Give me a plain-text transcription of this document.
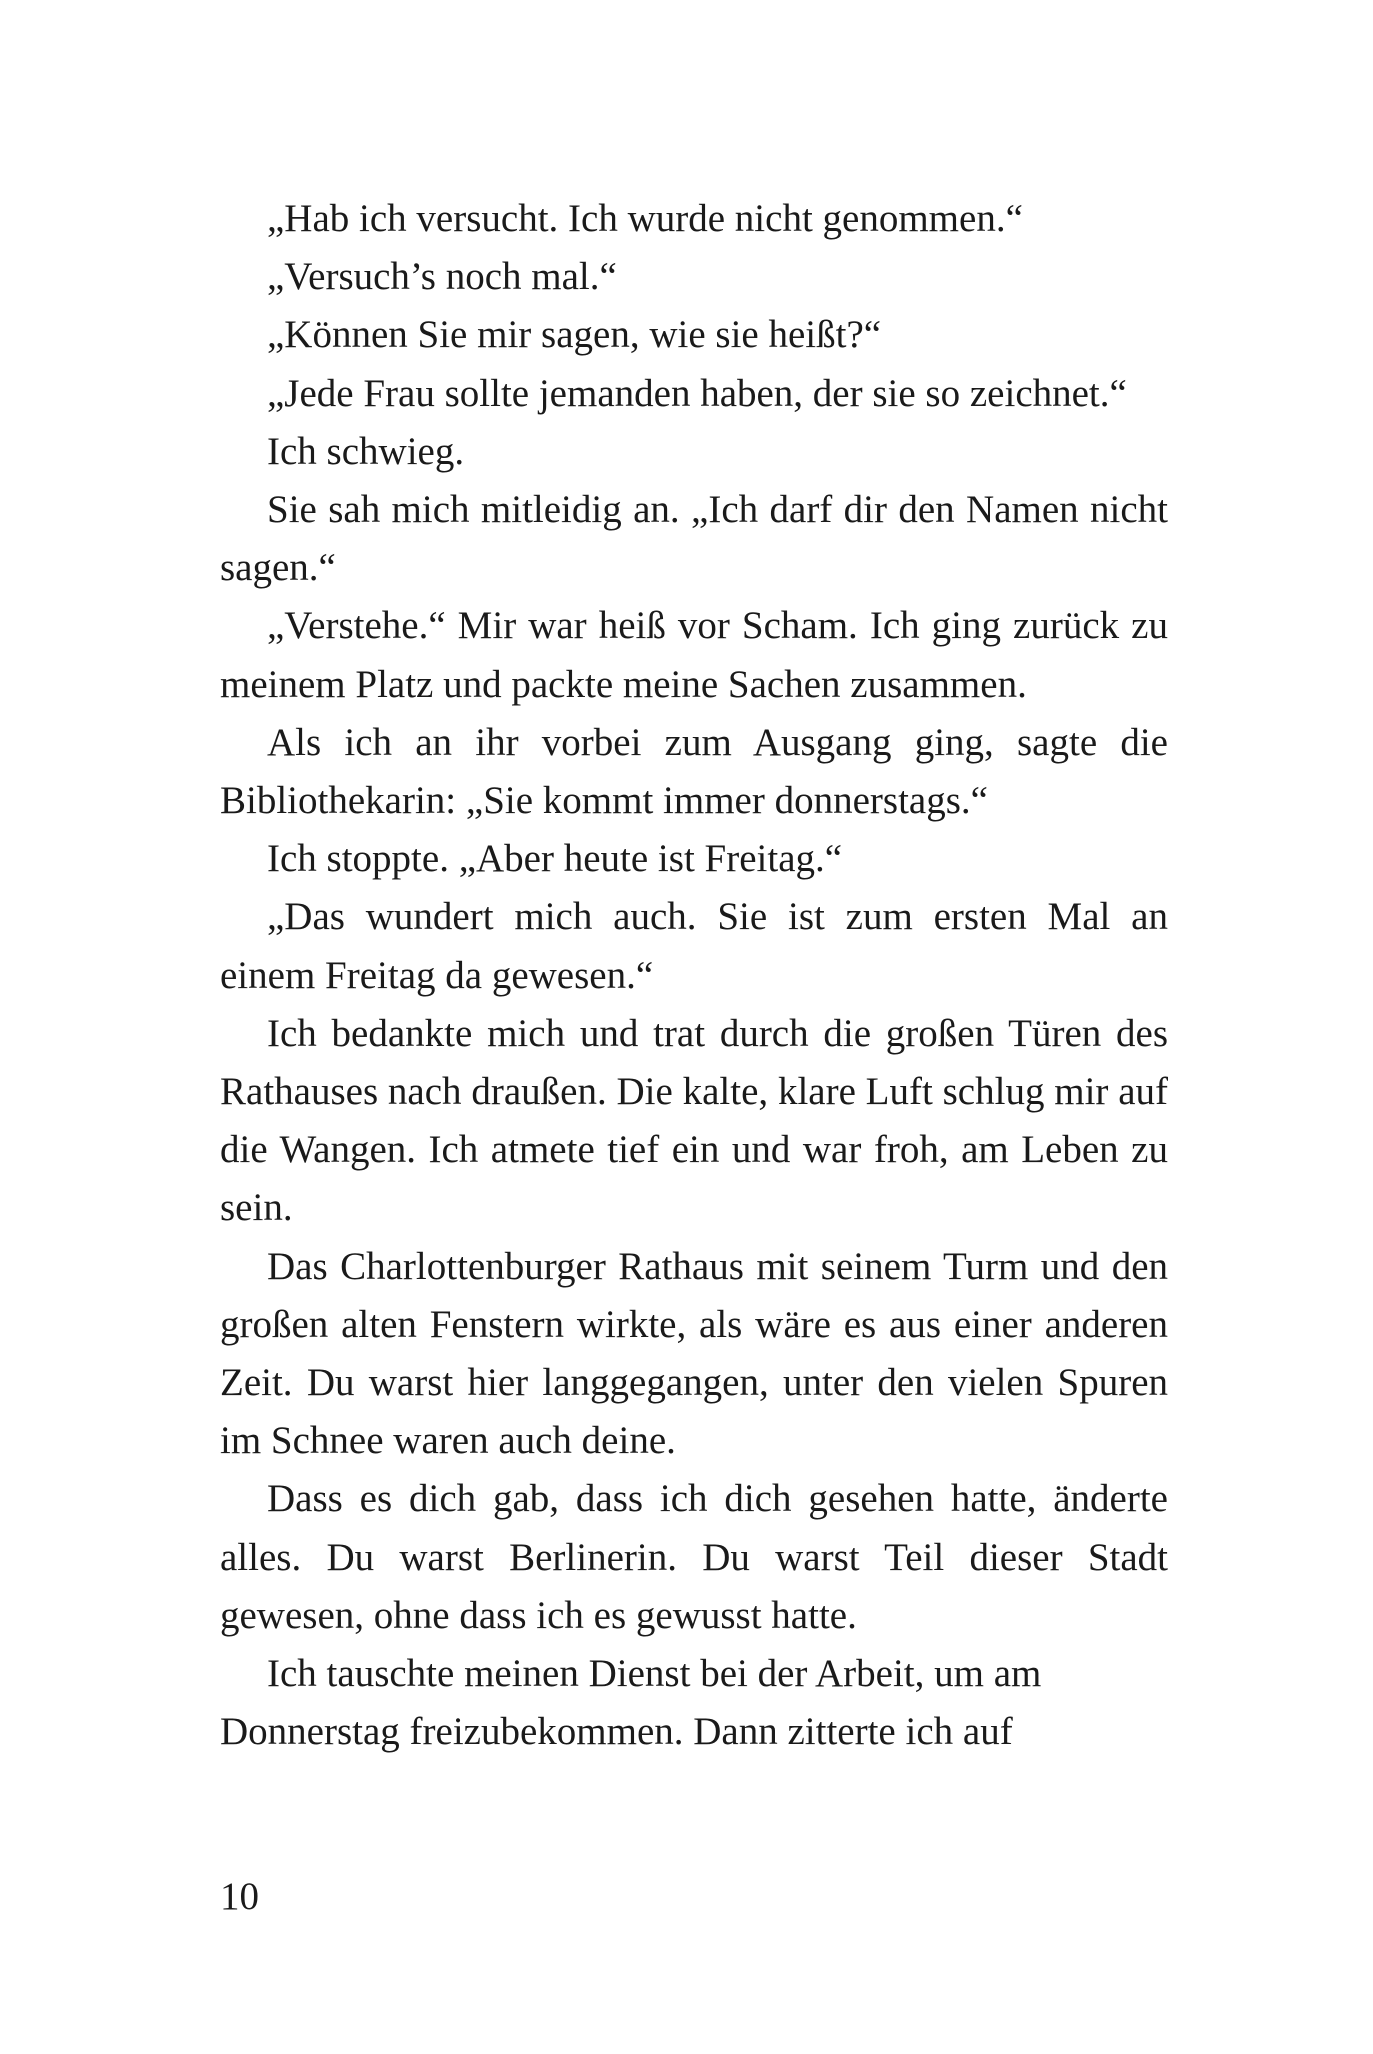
„Hab ich versucht. Ich wurde nicht genommen.“

„Versuch’s noch mal.“

„Können Sie mir sagen, wie sie heißt?“

„Jede Frau sollte jemanden haben, der sie so zeichnet.“

Ich schwieg.

Sie sah mich mitleidig an. „Ich darf dir den Namen nicht sagen.“

„Verstehe.“ Mir war heiß vor Scham. Ich ging zurück zu meinem Platz und packte meine Sachen zusammen.

Als ich an ihr vorbei zum Ausgang ging, sagte die Bibliothekarin: „Sie kommt immer donnerstags.“

Ich stoppte. „Aber heute ist Freitag.“

„Das wundert mich auch. Sie ist zum ersten Mal an einem Freitag da gewesen.“

Ich bedankte mich und trat durch die großen Türen des Rathauses nach draußen. Die kalte, klare Luft schlug mir auf die Wangen. Ich atmete tief ein und war froh, am Leben zu sein.

Das Charlottenburger Rathaus mit seinem Turm und den großen alten Fenstern wirkte, als wäre es aus einer anderen Zeit. Du warst hier langgegangen, unter den vielen Spuren im Schnee waren auch deine.

Dass es dich gab, dass ich dich gesehen hatte, änderte alles. Du warst Berlinerin. Du warst Teil dieser Stadt gewesen, ohne dass ich es gewusst hatte.

Ich tauschte meinen Dienst bei der Arbeit, um am Donnerstag freizubekommen. Dann zitterte ich auf

10
